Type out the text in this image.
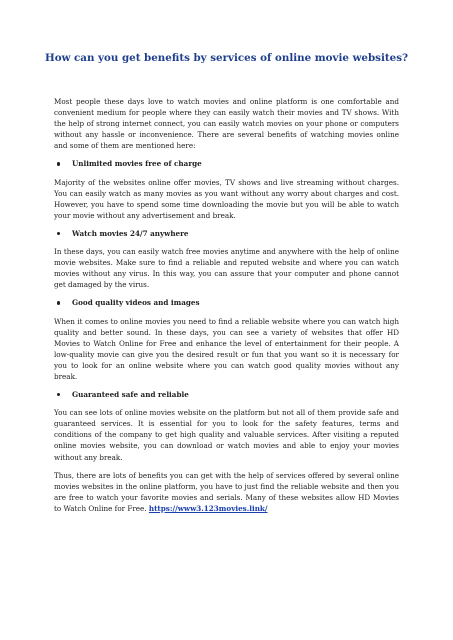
How can you get benefits by services of online movie websites?

Most people these days love to watch movies and online platform is one comfortable and convenient medium for people where they can easily watch their movies and TV shows. With the help of strong internet connect, you can easily watch movies on your phone or computers without any hassle or inconvenience. There are several benefits of watching movies online and some of them are mentioned here:

Unlimited movies free of charge

Majority of the websites online offer movies, TV shows and live streaming without charges. You can easily watch as many movies as you want without any worry about charges and cost. However, you have to spend some time downloading the movie but you will be able to watch your movie without any advertisement and break.

Watch movies 24/7 anywhere

In these days, you can easily watch free movies anytime and anywhere with the help of online movie websites. Make sure to find a reliable and reputed website and where you can watch movies without any virus. In this way, you can assure that your computer and phone cannot get damaged by the virus.

Good quality videos and images

When it comes to online movies you need to find a reliable website where you can watch high quality and better sound. In these days, you can see a variety of websites that offer HD Movies to Watch Online for Free and enhance the level of entertainment for their people. A low-quality movie can give you the desired result or fun that you want so it is necessary for you to look for an online website where you can watch good quality movies without any break.

Guaranteed safe and reliable

You can see lots of online movies website on the platform but not all of them provide safe and guaranteed services. It is essential for you to look for the safety features, terms and conditions of the company to get high quality and valuable services. After visiting a reputed online movies website, you can download or watch movies and able to enjoy your movies without any break.

Thus, there are lots of benefits you can get with the help of services offered by several online movies websites in the online platform, you have to just find the reliable website and then you are free to watch your favorite movies and serials. Many of these websites allow HD Movies to Watch Online for Free. https://www3.123movies.link/
